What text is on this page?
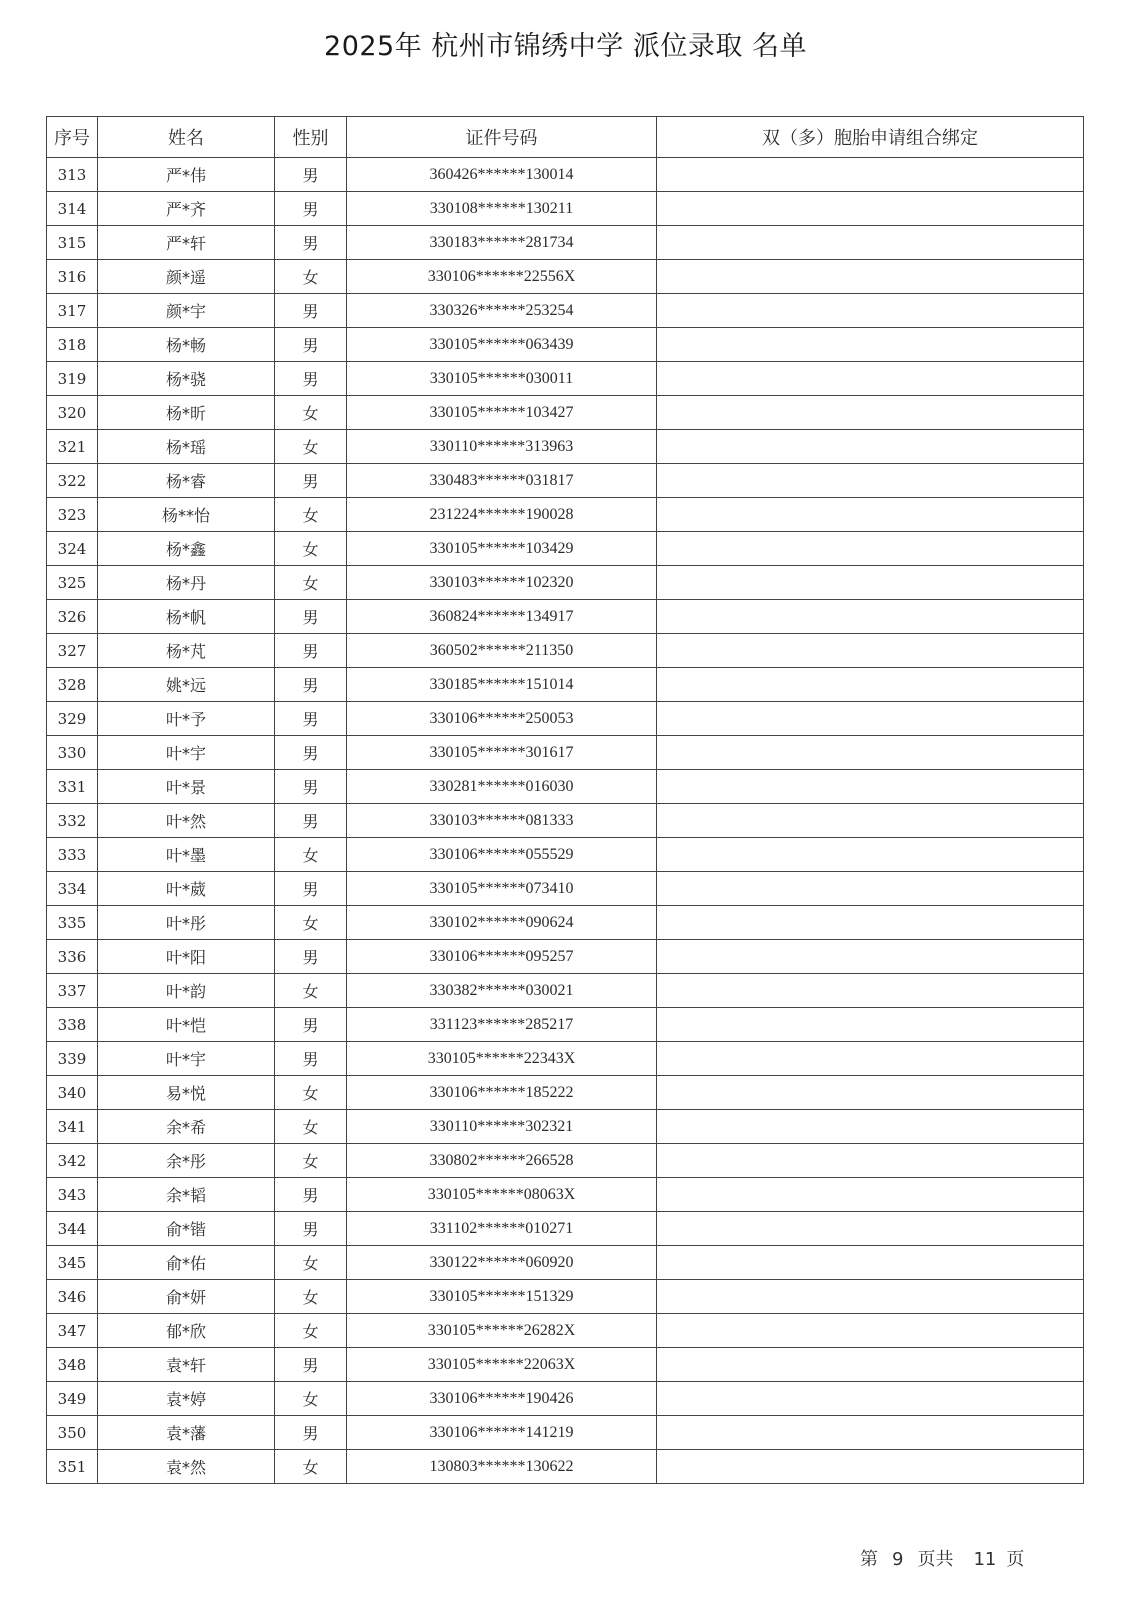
2025年 杭州市锦绣中学 派位录取 名单
序号	姓名	性别	证件号码	双（多）胞胎申请组合绑定
313	严*伟	男	360426******130014	
314	严*齐	男	330108******130211	
315	严*轩	男	330183******281734	
316	颜*遥	女	330106******22556X	
317	颜*宇	男	330326******253254	
318	杨*畅	男	330105******063439	
319	杨*骁	男	330105******030011	
320	杨*昕	女	330105******103427	
321	杨*瑶	女	330110******313963	
322	杨*睿	男	330483******031817	
323	杨**怡	女	231224******190028	
324	杨*鑫	女	330105******103429	
325	杨*丹	女	330103******102320	
326	杨*帆	男	360824******134917	
327	杨*芃	男	360502******211350	
328	姚*远	男	330185******151014	
329	叶*予	男	330106******250053	
330	叶*宇	男	330105******301617	
331	叶*景	男	330281******016030	
332	叶*然	男	330103******081333	
333	叶*墨	女	330106******055529	
334	叶*葳	男	330105******073410	
335	叶*彤	女	330102******090624	
336	叶*阳	男	330106******095257	
337	叶*韵	女	330382******030021	
338	叶*恺	男	331123******285217	
339	叶*宇	男	330105******22343X	
340	易*悦	女	330106******185222	
341	余*希	女	330110******302321	
342	余*彤	女	330802******266528	
343	余*韬	男	330105******08063X	
344	俞*锴	男	331102******010271	
345	俞*佑	女	330122******060920	
346	俞*妍	女	330105******151329	
347	郁*欣	女	330105******26282X	
348	袁*轩	男	330105******22063X	
349	袁*婷	女	330106******190426	
350	袁*藩	男	330106******141219	
351	袁*然	女	130803******130622	
第 9 页共 11 页
